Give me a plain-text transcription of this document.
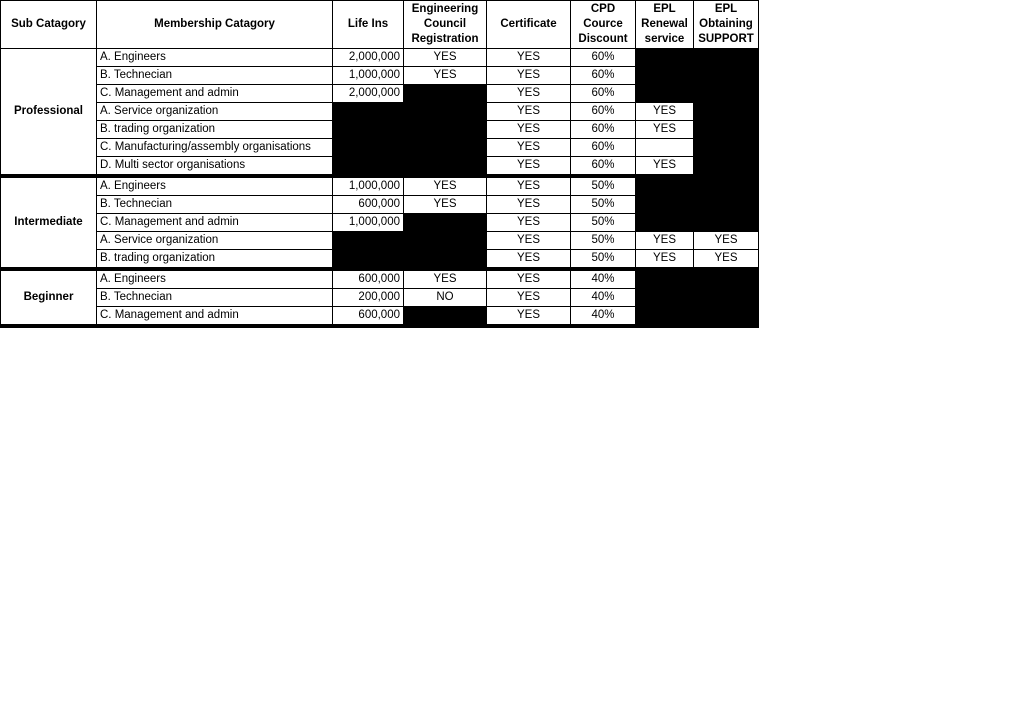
Sub Catagory	Membership Catagory	Life Ins	Engineering Council Registration	Certificate	CPD Cource Discount	EPL Renewal service	EPL Obtaining SUPPORT
Professional	A. Engineers	2,000,000	YES	YES	60%		
	B. Technecian	1,000,000	YES	YES	60%		
	C. Management and admin	2,000,000		YES	60%		
	A. Service organization			YES	60%	YES	
	B. trading organization			YES	60%	YES	
	C. Manufacturing/assembly organisations			YES	60%		
	D. Multi sector organisations			YES	60%	YES	
Intermediate	A. Engineers	1,000,000	YES	YES	50%		
	B. Technecian	600,000	YES	YES	50%		
	C. Management and admin	1,000,000		YES	50%		
	A. Service organization			YES	50%	YES	YES
	B. trading organization			YES	50%	YES	YES
Beginner	A. Engineers	600,000	YES	YES	40%		
	B. Technecian	200,000	NO	YES	40%		
	C. Management and admin	600,000		YES	40%		
